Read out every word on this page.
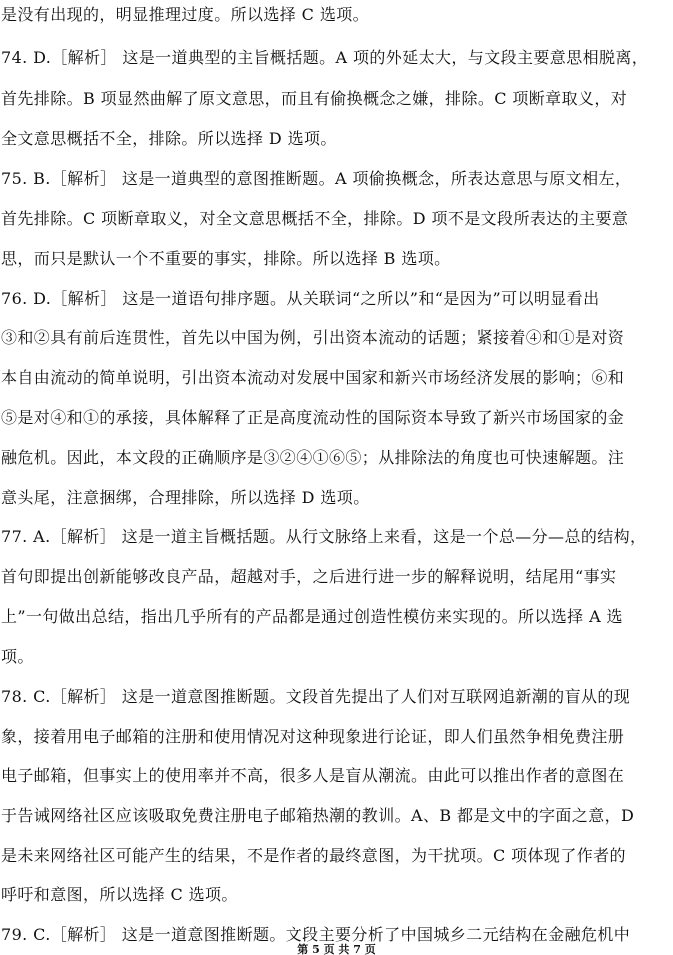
是没有出现的，明显推理过度。所以选择 C 选项。
74. D.［解析］ 这是一道典型的主旨概括题。A 项的外延太大，与文段主要意思相脱离，
首先排除。B 项显然曲解了原文意思，而且有偷换概念之嫌，排除。C 项断章取义，对
全文意思概括不全，排除。所以选择 D 选项。
75. B.［解析］ 这是一道典型的意图推断题。A 项偷换概念，所表达意思与原文相左，
首先排除。C 项断章取义，对全文意思概括不全，排除。D 项不是文段所表达的主要意
思，而只是默认一个不重要的事实，排除。所以选择 B 选项。
76. D.［解析］ 这是一道语句排序题。从关联词“之所以”和“是因为”可以明显看出
③和②具有前后连贯性，首先以中国为例，引出资本流动的话题；紧接着④和①是对资
本自由流动的简单说明，引出资本流动对发展中国家和新兴市场经济发展的影响；⑥和
⑤是对④和①的承接，具体解释了正是高度流动性的国际资本导致了新兴市场国家的金
融危机。因此，本文段的正确顺序是③②④①⑥⑤；从排除法的角度也可快速解题。注
意头尾，注意捆绑，合理排除，所以选择 D 选项。
77. A.［解析］ 这是一道主旨概括题。从行文脉络上来看，这是一个总—分—总的结构，
首句即提出创新能够改良产品，超越对手，之后进行进一步的解释说明，结尾用“事实
上”一句做出总结，指出几乎所有的产品都是通过创造性模仿来实现的。所以选择 A 选
项。
78. C.［解析］ 这是一道意图推断题。文段首先提出了人们对互联网追新潮的盲从的现
象，接着用电子邮箱的注册和使用情况对这种现象进行论证，即人们虽然争相免费注册
电子邮箱，但事实上的使用率并不高，很多人是盲从潮流。由此可以推出作者的意图在
于告诫网络社区应该吸取免费注册电子邮箱热潮的教训。A、B 都是文中的字面之意，D
是未来网络社区可能产生的结果，不是作者的最终意图，为干扰项。C 项体现了作者的
呼吁和意图，所以选择 C 选项。
79. C.［解析］ 这是一道意图推断题。文段主要分析了中国城乡二元结构在金融危机中
第 5 页 共 7 页
